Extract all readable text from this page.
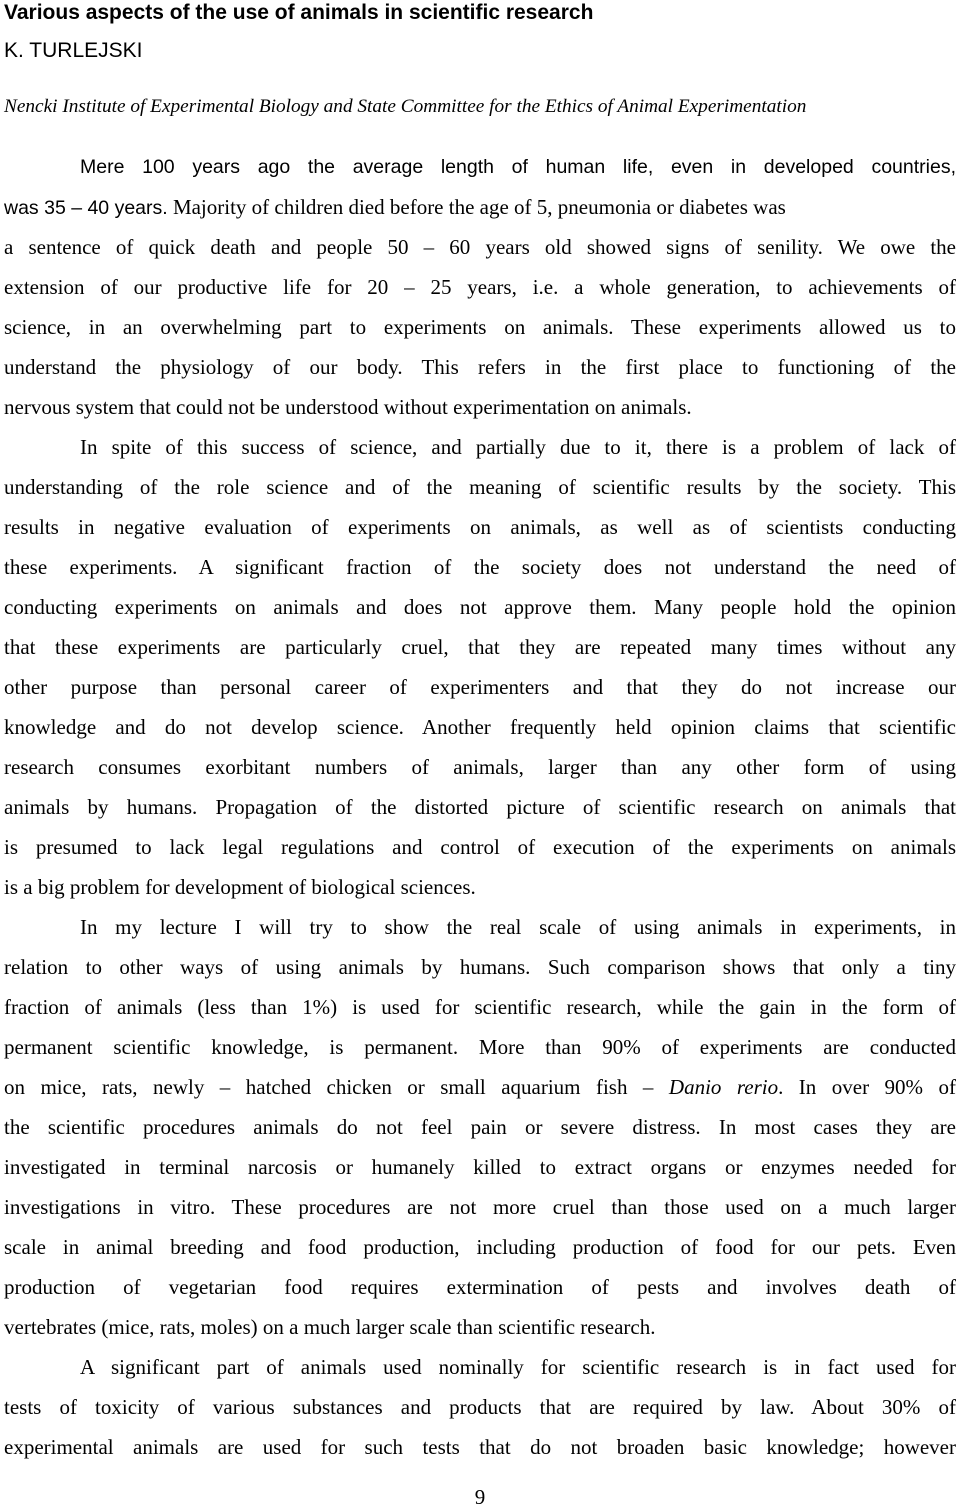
Various aspects of the use of animals in scientific research
K. TURLEJSKI
Nencki Institute of Experimental Biology and State Committee for the Ethics of Animal Experimentation
Mere 100 years ago the average length of human life, even in developed countries,
was 35 – 40 years. Majority of children died before the age of 5, pneumonia or diabetes was
a sentence of quick death and people 50 – 60 years old showed signs of senility. We owe the
extension of our productive life for 20 – 25 years, i.e. a whole generation, to achievements of
science, in an overwhelming part to experiments on animals. These experiments allowed us to
understand the physiology of our body. This refers in the first place to functioning of the
nervous system that could not be understood without experimentation on animals.
In spite of this success of science, and partially due to it, there is a problem of lack of
understanding of the role science and of the meaning of scientific results by the society. This
results in negative evaluation of experiments on animals, as well as of scientists conducting
these experiments. A significant fraction of the society does not understand the need of
conducting experiments on animals and does not approve them. Many people hold the opinion
that these experiments are particularly cruel, that they are repeated many times without any
other purpose than personal career of experimenters and that they do not increase our
knowledge and do not develop science. Another frequently held opinion claims that scientific
research consumes exorbitant numbers of animals, larger than any other form of using
animals by humans. Propagation of the distorted picture of scientific research on animals that
is presumed to lack legal regulations and control of execution of the experiments on animals
is a big problem for development of biological sciences.
In my lecture I will try to show the real scale of using animals in experiments, in
relation to other ways of using animals by humans. Such comparison shows that only a tiny
fraction of animals (less than 1%) is used for scientific research, while the gain in the form of
permanent scientific knowledge, is permanent. More than 90% of experiments are conducted
on mice, rats, newly – hatched chicken or small aquarium fish – Danio rerio. In over 90% of
the scientific procedures animals do not feel pain or severe distress. In most cases they are
investigated in terminal narcosis or humanely killed to extract organs or enzymes needed for
investigations in vitro. These procedures are not more cruel than those used on a much larger
scale in animal breeding and food production, including production of food for our pets. Even
production of vegetarian food requires extermination of pests and involves death of
vertebrates (mice, rats, moles) on a much larger scale than scientific research.
A significant part of animals used nominally for scientific research is in fact used for
tests of toxicity of various substances and products that are required by law. About 30% of
experimental animals are used for such tests that do not broaden basic knowledge; however
9
